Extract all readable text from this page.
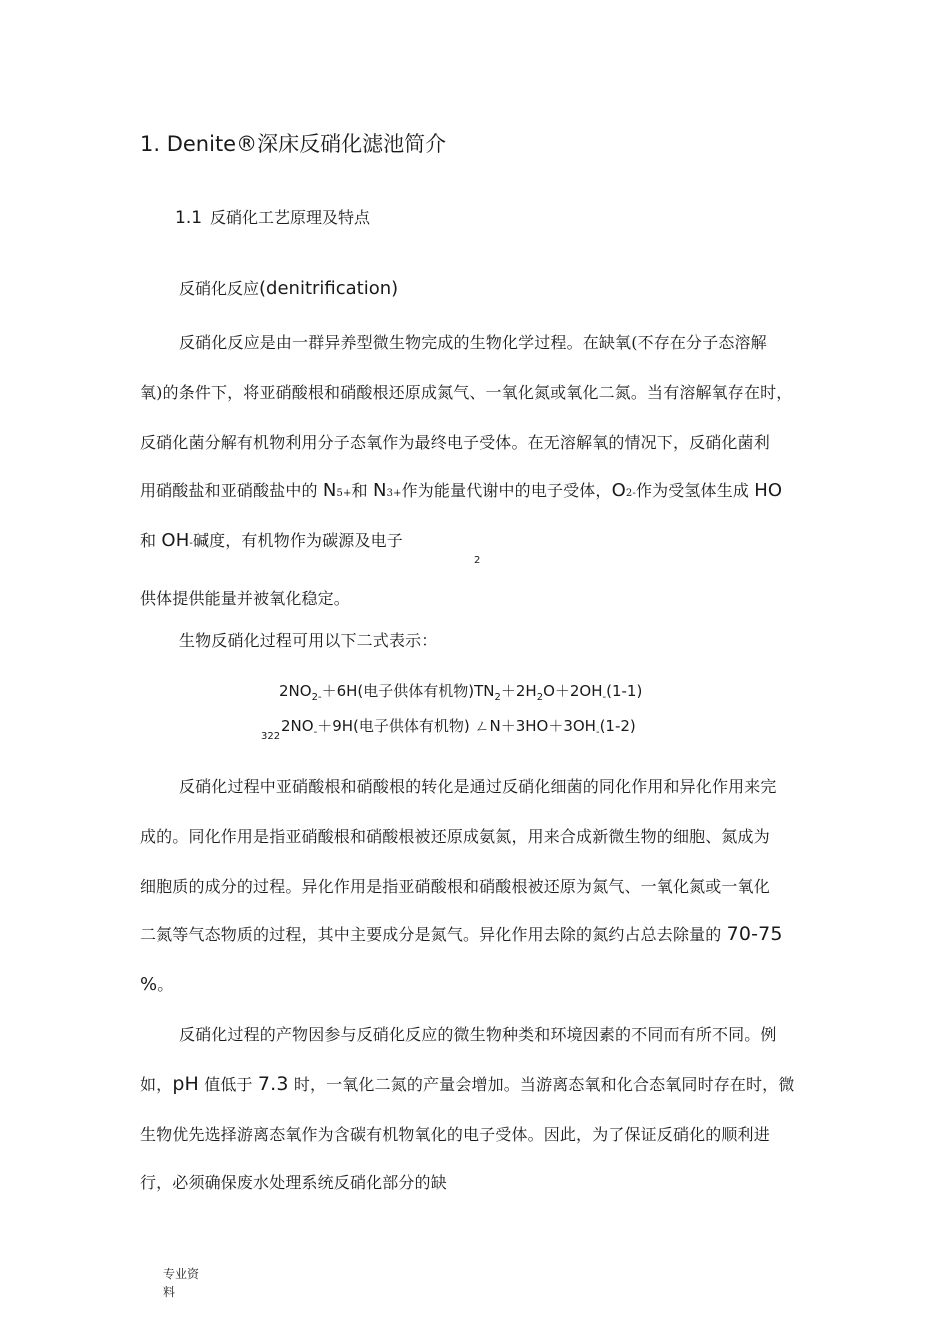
1. Denite®深床反硝化滤池简介
1.1 反硝化工艺原理及特点
反硝化反应(denitrification)
反硝化反应是由一群异养型微生物完成的生物化学过程。在缺氧(不存在分子态溶解
氧)的条件下，将亚硝酸根和硝酸根还原成氮气、一氧化氮或氧化二氮。当有溶解氧存在时，
反硝化菌分解有机物利用分子态氧作为最终电子受体。在无溶解氧的情况下，反硝化菌利
用硝酸盐和亚硝酸盐中的 N5+和 N3+作为能量代谢中的电子受体，O2-作为受氢体生成 HO
和 OH-碱度，有机物作为碳源及电子
2
供体提供能量并被氧化稳定。
生物反硝化过程可用以下二式表示：
$2NO_{2-}+6H$(电子供体有机物)$TN_2+2H_2O+2OH_-(1-1)$
322
$2NO_-+9H$(电子供体有机物) ㄥ$N+3HO+3OH_-(1-2)$
反硝化过程中亚硝酸根和硝酸根的转化是通过反硝化细菌的同化作用和异化作用来完
成的。同化作用是指亚硝酸根和硝酸根被还原成氨氮，用来合成新微生物的细胞、氮成为
细胞质的成分的过程。异化作用是指亚硝酸根和硝酸根被还原为氮气、一氧化氮或一氧化
二氮等气态物质的过程，其中主要成分是氮气。异化作用去除的氮约占总去除量的 70-75
%。
反硝化过程的产物因参与反硝化反应的微生物种类和环境因素的不同而有所不同。例
如，pH 值低于 7.3 时，一氧化二氮的产量会增加。当游离态氧和化合态氧同时存在时，微
生物优先选择游离态氧作为含碳有机物氧化的电子受体。因此，为了保证反硝化的顺利进
行，必须确保废水处理系统反硝化部分的缺
专业资
料
